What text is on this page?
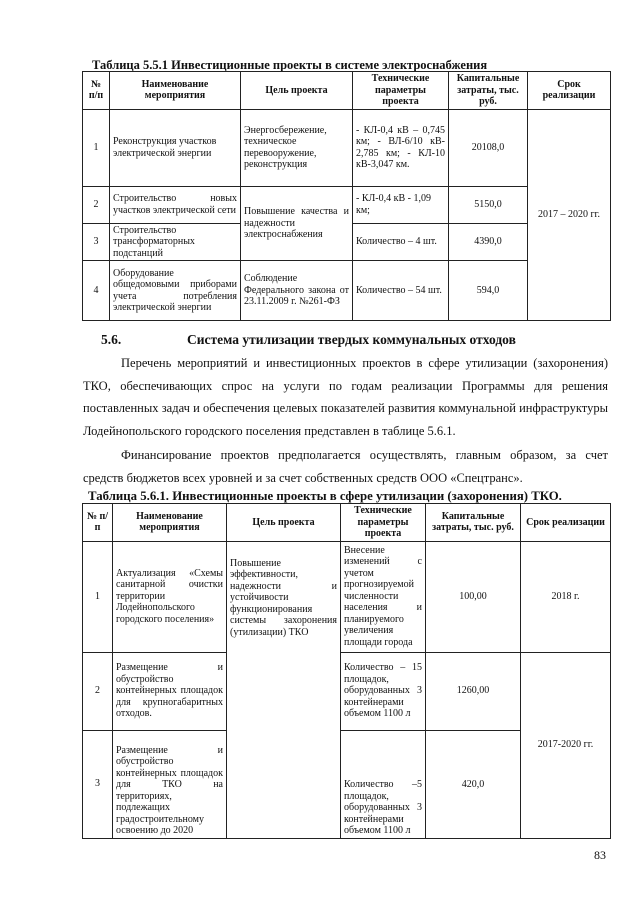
Таблица 5.5.1 Инвестиционные проекты в системе электроснабжения
№ п/п	Наименование мероприятия	Цель проекта	Технические параметры проекта	Капитальные затраты, тыс. руб.	Срок реализации
1	Реконструкция участков электрической энергии	Энергосбережение, техническое перевооружение, реконструкция	- КЛ-0,4 кВ – 0,745 км; - ВЛ-6/10 кВ- 2,785 км; - КЛ-10 кВ-3,047 км.	20108,0	2017 – 2020 гг.
2	Строительство новых участков электрической сети	Повышение качества и надежности электроснабжения	- КЛ-0,4 кВ - 1,09 км;	5150,0	
3	Строительство трансформаторных подстанций		Количество – 4 шт.	4390,0	
4	Оборудование общедомовыми приборами учета потребления электрической энергии	Соблюдение Федерального закона от 23.11.2009 г. №261-ФЗ	Количество – 54 шт.	594,0	
5.6.	Система утилизации твердых коммунальных отходов

Перечень мероприятий и инвестиционных проектов в сфере утилизации (захоронения) ТКО, обеспечивающих спрос на услуги по годам реализации Программы для решения поставленных задач и обеспечения целевых показателей развития коммунальной инфраструктуры Лодейнопольского городского поселения представлен в таблице 5.6.1.

Финансирование проектов предполагается осуществлять, главным образом, за счет средств бюджетов всех уровней и за счет собственных средств ООО «Спецтранс».

Таблица 5.6.1. Инвестиционные проекты в сфере утилизации (захоронения) ТКО.
№ п/п	Наименование мероприятия	Цель проекта	Технические параметры проекта	Капитальные затраты, тыс. руб.	Срок реализации
1	Актуализация «Схемы санитарной очистки территории Лодейнопольского городского поселения»	Повышение эффективности, надежности и устойчивости функционирования системы захоронения (утилизации) ТКО	Внесение изменений с учетом прогнозируемой численности населения и планируемого увеличения площади города	100,00	2018 г.
2	Размещение и обустройство контейнерных площадок для крупногабаритных отходов.		Количество – 15 площадок, оборудованных 3 контейнерами объемом 1100 л	1260,00	2017-2020 гг.
3	Размещение и обустройство контейнерных площадок для ТКО на территориях, подлежащих градостроительному освоению до 2020		Количество –5 площадок, оборудованных 3 контейнерами объемом 1100 л	420,0	
83
